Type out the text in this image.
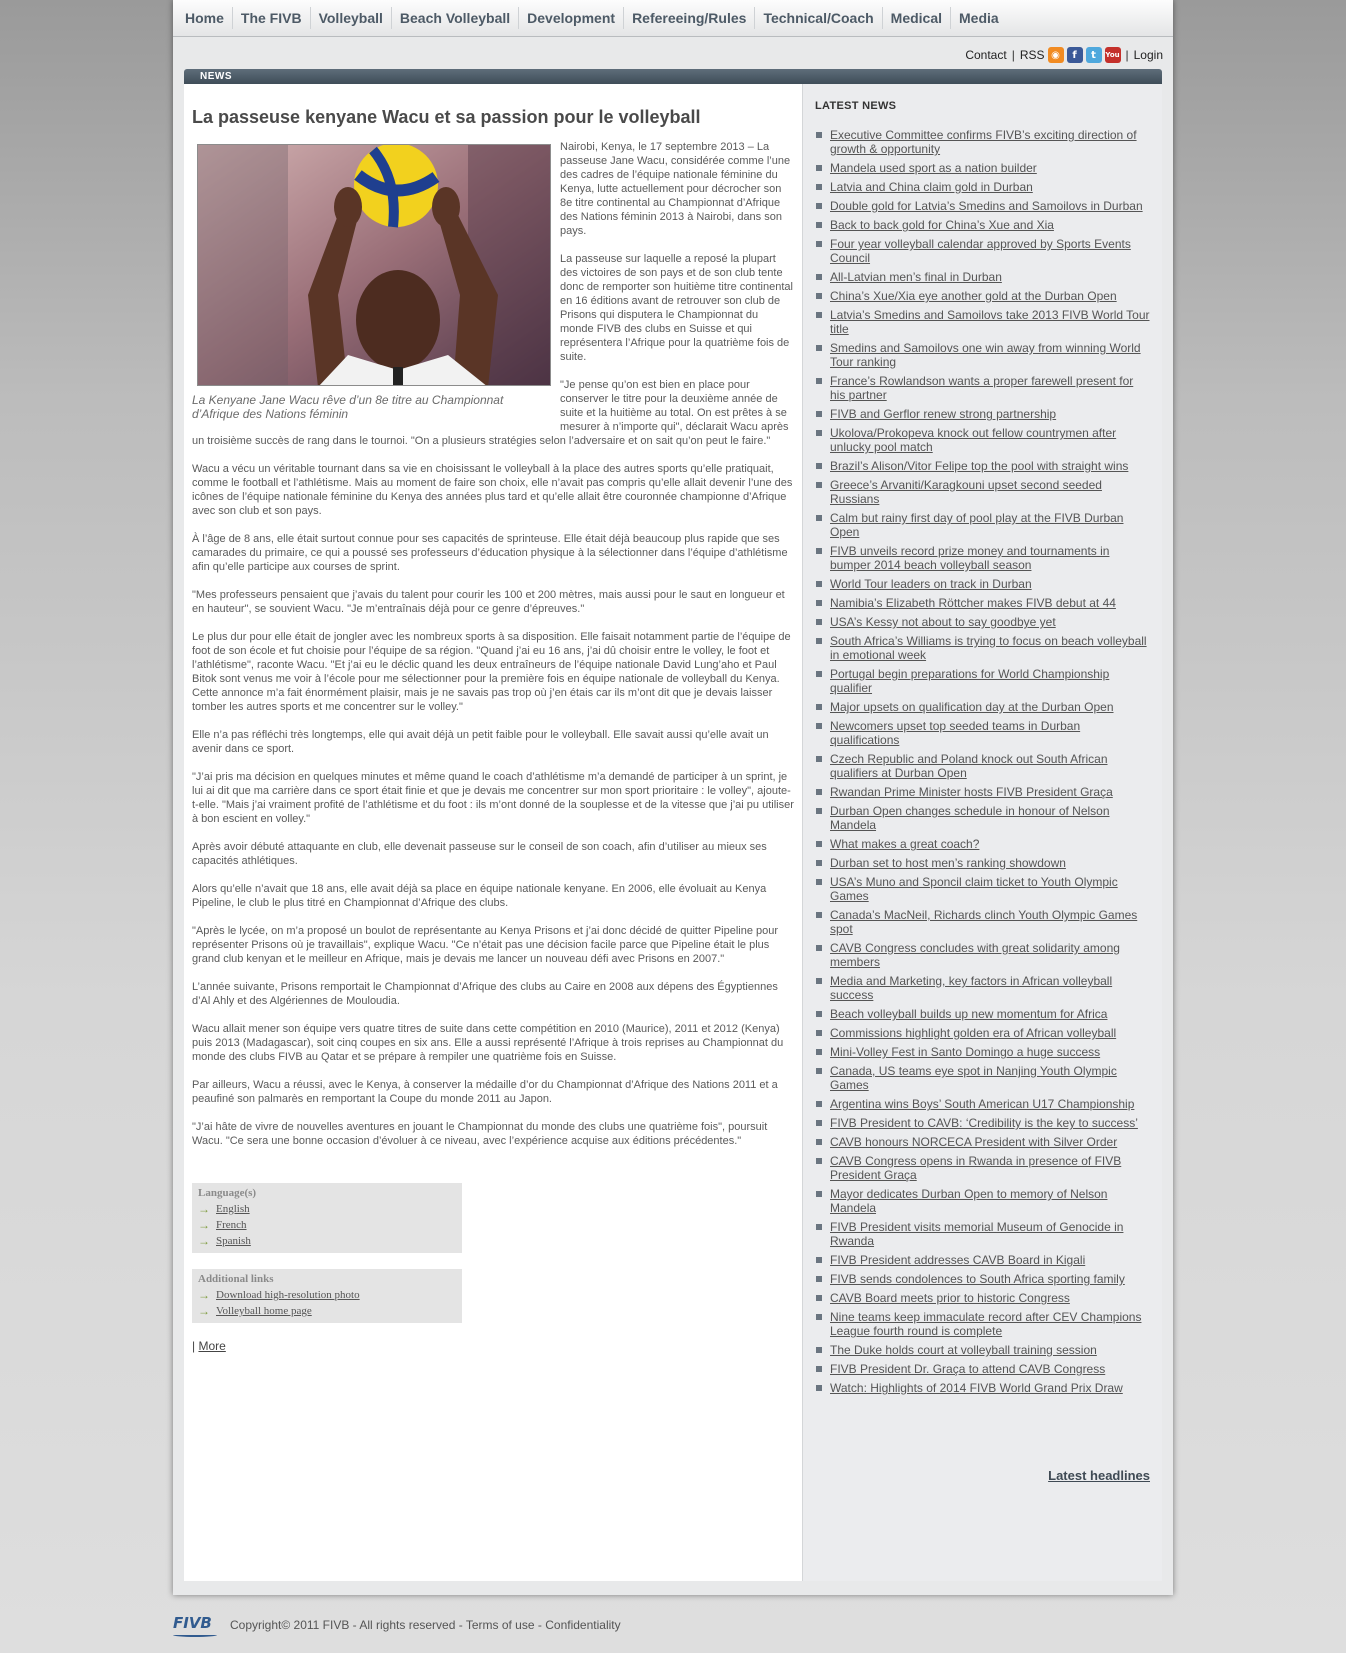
Home	The FIVB	Volleyball	Beach Volleyball	Development	Refereeing/Rules	Technical/Coach	Medical	Media
Contact | RSS ◉	f	t	You | Login
NEWS
La passeuse kenyane Wacu et sa passion pour le volleyball
La Kenyane Jane Wacu rêve d’un 8e titre au Championnat d’Afrique des Nations féminin

Nairobi, Kenya, le 17 septembre 2013 – La passeuse Jane Wacu, considérée comme l’une des cadres de l’équipe nationale féminine du Kenya, lutte actuellement pour décrocher son 8e titre continental au Championnat d’Afrique des Nations féminin 2013 à Nairobi, dans son pays.

La passeuse sur laquelle a reposé la plupart des victoires de son pays et de son club tente donc de remporter son huitième titre continental en 16 éditions avant de retrouver son club de Prisons qui disputera le Championnat du monde FIVB des clubs en Suisse et qui représentera l’Afrique pour la quatrième fois de suite.

"Je pense qu’on est bien en place pour conserver le titre pour la deuxième année de suite et la huitième au total. On est prêtes à se mesurer à n’importe qui", déclarait Wacu après un troisième succès de rang dans le tournoi. "On a plusieurs stratégies selon l’adversaire et on sait qu’on peut le faire."

Wacu a vécu un véritable tournant dans sa vie en choisissant le volleyball à la place des autres sports qu’elle pratiquait, comme le football et l’athlétisme. Mais au moment de faire son choix, elle n’avait pas compris qu’elle allait devenir l’une des icônes de l’équipe nationale féminine du Kenya des années plus tard et qu’elle allait être couronnée championne d’Afrique avec son club et son pays.

À l’âge de 8 ans, elle était surtout connue pour ses capacités de sprinteuse. Elle était déjà beaucoup plus rapide que ses camarades du primaire, ce qui a poussé ses professeurs d’éducation physique à la sélectionner dans l’équipe d’athlétisme afin qu’elle participe aux courses de sprint.

"Mes professeurs pensaient que j’avais du talent pour courir les 100 et 200 mètres, mais aussi pour le saut en longueur et en hauteur", se souvient Wacu. "Je m’entraînais déjà pour ce genre d’épreuves."

Le plus dur pour elle était de jongler avec les nombreux sports à sa disposition. Elle faisait notamment partie de l’équipe de foot de son école et fut choisie pour l’équipe de sa région. "Quand j’ai eu 16 ans, j’ai dû choisir entre le volley, le foot et l’athlétisme", raconte Wacu. "Et j’ai eu le déclic quand les deux entraîneurs de l’équipe nationale David Lung’aho et Paul Bitok sont venus me voir à l’école pour me sélectionner pour la première fois en équipe nationale de volleyball du Kenya. Cette annonce m’a fait énormément plaisir, mais je ne savais pas trop où j’en étais car ils m’ont dit que je devais laisser tomber les autres sports et me concentrer sur le volley."

Elle n’a pas réfléchi très longtemps, elle qui avait déjà un petit faible pour le volleyball. Elle savait aussi qu’elle avait un avenir dans ce sport.

"J’ai pris ma décision en quelques minutes et même quand le coach d’athlétisme m’a demandé de participer à un sprint, je lui ai dit que ma carrière dans ce sport était finie et que je devais me concentrer sur mon sport prioritaire : le volley", ajoute-t-elle. "Mais j’ai vraiment profité de l’athlétisme et du foot : ils m’ont donné de la souplesse et de la vitesse que j’ai pu utiliser à bon escient en volley."

Après avoir débuté attaquante en club, elle devenait passeuse sur le conseil de son coach, afin d’utiliser au mieux ses capacités athlétiques.

Alors qu’elle n’avait que 18 ans, elle avait déjà sa place en équipe nationale kenyane. En 2006, elle évoluait au Kenya Pipeline, le club le plus titré en Championnat d’Afrique des clubs.

"Après le lycée, on m’a proposé un boulot de représentante au Kenya Prisons et j’ai donc décidé de quitter Pipeline pour représenter Prisons où je travaillais", explique Wacu. "Ce n’était pas une décision facile parce que Pipeline était le plus grand club kenyan et le meilleur en Afrique, mais je devais me lancer un nouveau défi avec Prisons en 2007."

L’année suivante, Prisons remportait le Championnat d’Afrique des clubs au Caire en 2008 aux dépens des Égyptiennes d’Al Ahly et des Algériennes de Mouloudia.

Wacu allait mener son équipe vers quatre titres de suite dans cette compétition en 2010 (Maurice), 2011 et 2012 (Kenya) puis 2013 (Madagascar), soit cinq coupes en six ans. Elle a aussi représenté l’Afrique à trois reprises au Championnat du monde des clubs FIVB au Qatar et se prépare à rempiler une quatrième fois en Suisse.

Par ailleurs, Wacu a réussi, avec le Kenya, à conserver la médaille d’or du Championnat d’Afrique des Nations 2011 et a peaufiné son palmarès en remportant la Coupe du monde 2011 au Japon.

"J’ai hâte de vivre de nouvelles aventures en jouant le Championnat du monde des clubs une quatrième fois", poursuit Wacu. "Ce sera une bonne occasion d’évoluer à ce niveau, avec l’expérience acquise aux éditions précédentes."

Language(s)
→ English
→ French
→ Spanish
Additional links
→ Download high-resolution photo
→ Volleyball home page
| More
LATEST NEWS
Executive Committee confirms FIVB’s exciting direction of growth & opportunity
Mandela used sport as a nation builder
Latvia and China claim gold in Durban
Double gold for Latvia’s Smedins and Samoilovs in Durban
Back to back gold for China’s Xue and Xia
Four year volleyball calendar approved by Sports Events Council
All-Latvian men’s final in Durban
China’s Xue/Xia eye another gold at the Durban Open
Latvia’s Smedins and Samoilovs take 2013 FIVB World Tour title
Smedins and Samoilovs one win away from winning World Tour ranking
France’s Rowlandson wants a proper farewell present for his partner
FIVB and Gerflor renew strong partnership
Ukolova/Prokopeva knock out fellow countrymen after unlucky pool match
Brazil’s Alison/Vitor Felipe top the pool with straight wins
Greece’s Arvaniti/Karagkouni upset second seeded Russians
Calm but rainy first day of pool play at the FIVB Durban Open
FIVB unveils record prize money and tournaments in bumper 2014 beach volleyball season
World Tour leaders on track in Durban
Namibia’s Elizabeth Röttcher makes FIVB debut at 44
USA’s Kessy not about to say goodbye yet
South Africa’s Williams is trying to focus on beach volleyball in emotional week
Portugal begin preparations for World Championship qualifier
Major upsets on qualification day at the Durban Open
Newcomers upset top seeded teams in Durban qualifications
Czech Republic and Poland knock out South African qualifiers at Durban Open
Rwandan Prime Minister hosts FIVB President Graça
Durban Open changes schedule in honour of Nelson Mandela
What makes a great coach?
Durban set to host men’s ranking showdown
USA’s Muno and Sponcil claim ticket to Youth Olympic Games
Canada’s MacNeil, Richards clinch Youth Olympic Games spot
CAVB Congress concludes with great solidarity among members
Media and Marketing, key factors in African volleyball success
Beach volleyball builds up new momentum for Africa
Commissions highlight golden era of African volleyball
Mini-Volley Fest in Santo Domingo a huge success
Canada, US teams eye spot in Nanjing Youth Olympic Games
Argentina wins Boys’ South American U17 Championship
FIVB President to CAVB: ‘Credibility is the key to success’
CAVB honours NORCECA President with Silver Order
CAVB Congress opens in Rwanda in presence of FIVB President Graça
Mayor dedicates Durban Open to memory of Nelson Mandela
FIVB President visits memorial Museum of Genocide in Rwanda
FIVB President addresses CAVB Board in Kigali
FIVB sends condolences to South Africa sporting family
CAVB Board meets prior to historic Congress
Nine teams keep immaculate record after CEV Champions League fourth round is complete
The Duke holds court at volleyball training session
FIVB President Dr. Graça to attend CAVB Congress
Watch: Highlights of 2014 FIVB World Grand Prix Draw
Latest headlines
FIVB	Copyright© 2011 FIVB - All rights reserved - Terms of use - Confidentiality
